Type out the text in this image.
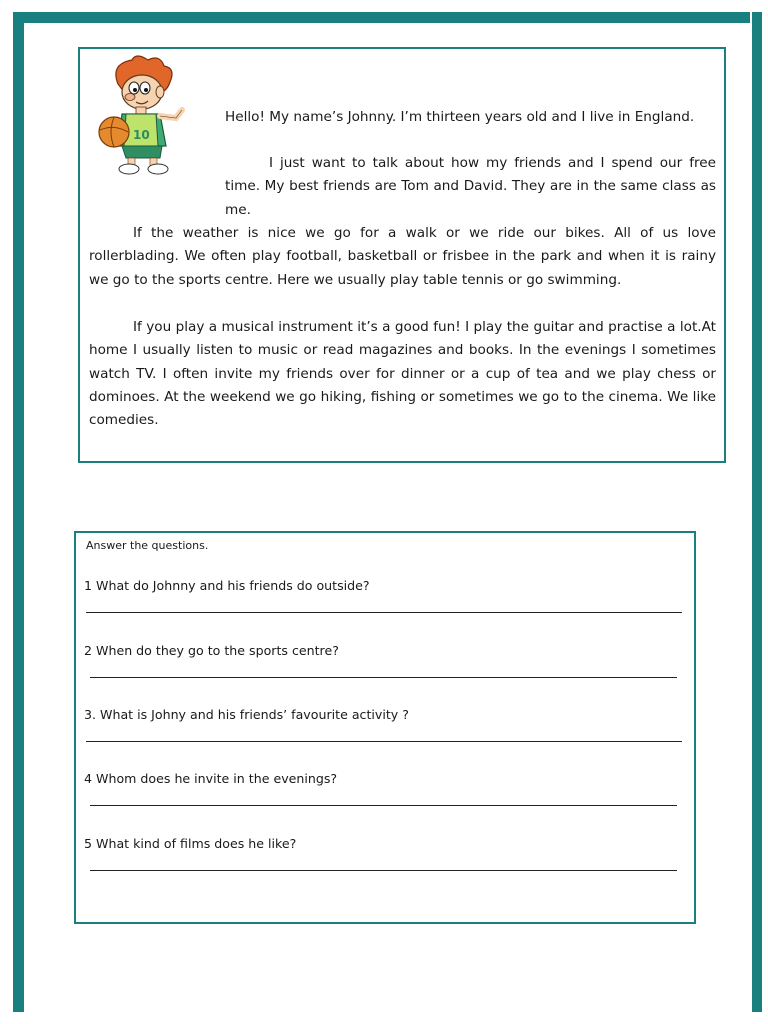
10

Hello! My name’s Johnny. I’m thirteen years old and I live in England.

I just want to talk about how my friends and I spend our free time. My best friends are Tom and David. They are in the same class as me.

If the weather is nice we go for a walk or we ride our bikes. All of us love rollerblading. We often play football, basketball or frisbee in the park and when it is rainy we go to the sports centre. Here we usually play table tennis or go swimming.

If you play a musical instrument it’s a good fun! I play the guitar and practise a lot.At home I usually listen to music or read magazines and books. In the evenings I sometimes watch TV. I often invite my friends over for dinner or a cup of tea and we play chess or dominoes. At the weekend we go hiking, fishing or sometimes we go to the cinema. We like comedies.

Answer the questions.

1 What do Johnny and his friends do outside?

2 When do they go to the sports centre?

3. What is Johny and his friends’ favourite activity ?

4 Whom does he invite in the evenings?

5 What kind of films does he like?
